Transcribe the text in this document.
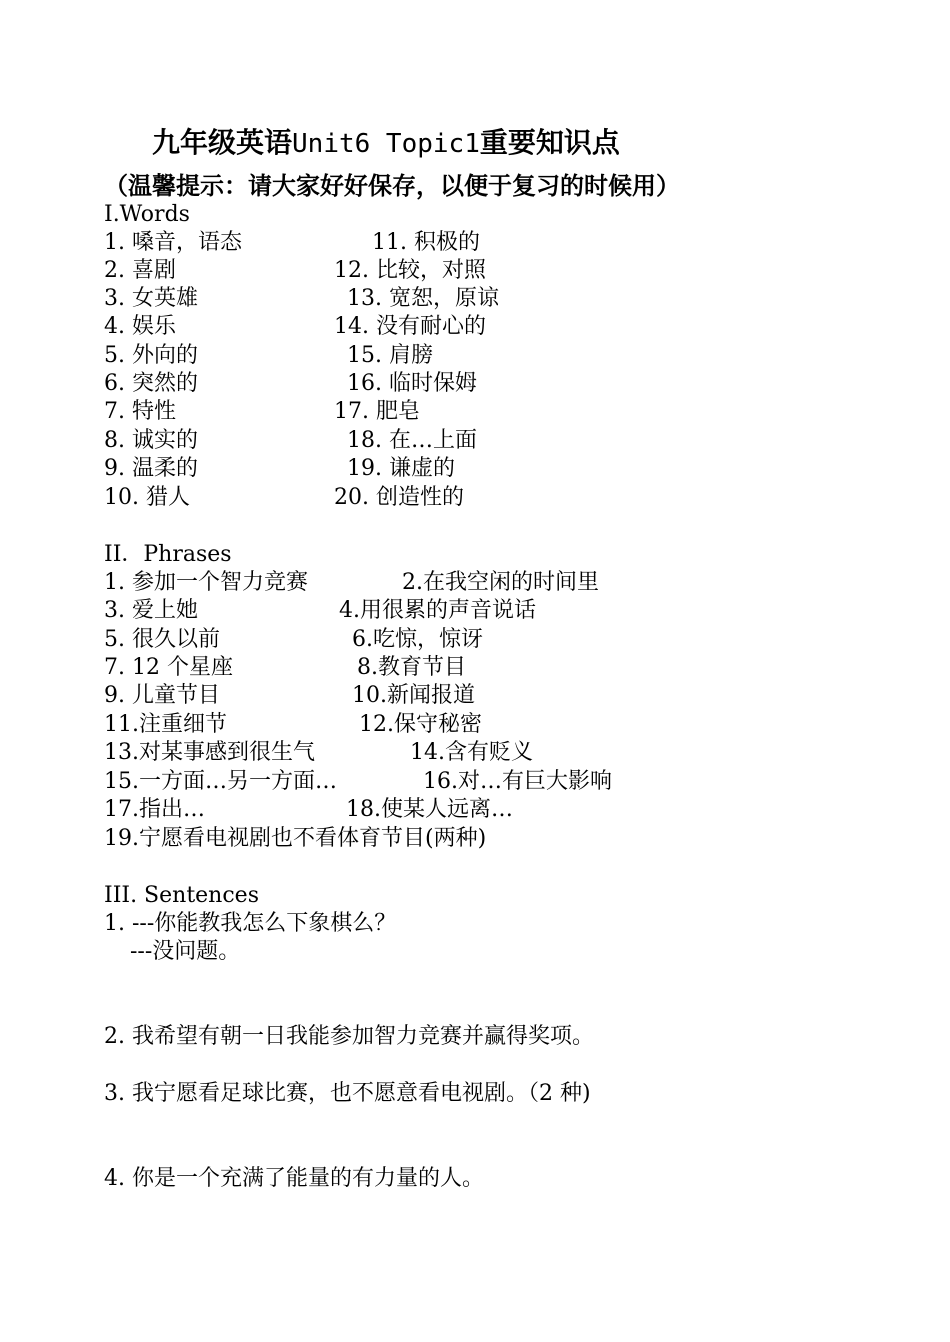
九年级英语Unit6 Topic1重要知识点
（温馨提示：请大家好好保存，以便于复习的时候用）
I.Words
1. 嗓音，语态
2. 喜剧
3. 女英雄
4. 娱乐
5. 外向的
6. 突然的
7. 特性
8. 诚实的
9. 温柔的
10. 猎人
11. 积极的
12. 比较，对照
13. 宽恕，原谅
14. 没有耐心的
15. 肩膀
16. 临时保姆
17. 肥皂
18. 在…上面
19. 谦虚的
20. 创造性的
II．Phrases
1. 参加一个智力竞赛
3. 爱上她
5. 很久以前
7. 12 个星座
9. 儿童节目
11.注重细节
13.对某事感到很生气
15.一方面…另一方面…
17.指出…
2.在我空闲的时间里
4.用很累的声音说话
6.吃惊，惊讶
8.教育节目
10.新闻报道
12.保守秘密
14.含有贬义
16.对…有巨大影响
18.使某人远离…
19.宁愿看电视剧也不看体育节目(两种)
III. Sentences
1. ---你能教我怎么下象棋么？
---没问题。
2. 我希望有朝一日我能参加智力竞赛并赢得奖项。
3. 我宁愿看足球比赛，也不愿意看电视剧。（2 种)
4. 你是一个充满了能量的有力量的人。
